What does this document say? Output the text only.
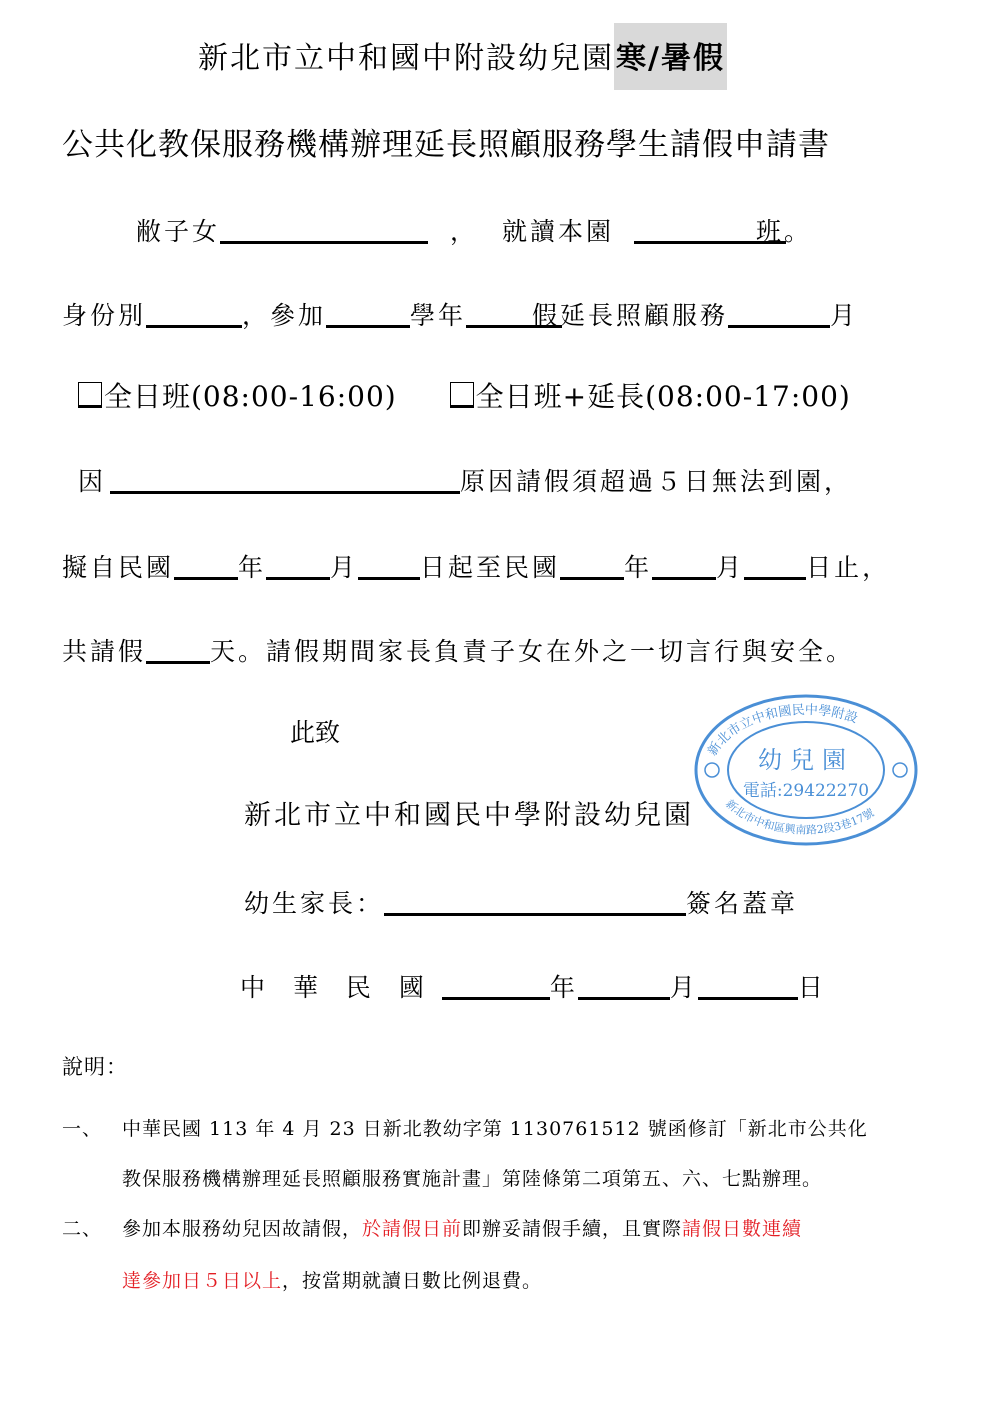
新北市立中和國中附設幼兒園寒/暑假
公共化教保服務機構辦理延長照顧服務學生請假申請書
敝子女	， 就讀本園	班。
身份別	，參加	學年	假延長照顧服務	月
全日班(08:00-16:00)	全日班+延長(08:00-17:00)
因	原因請假須超過５日無法到園，
擬自民國	年	月 日起至民國	年	月 日止，
共請假	天。請假期間家長負責子女在外之一切言行與安全。
此致
新北市立中和國民中學附設幼兒園
新北市立中和國民中學附設
新北市中和區興南路2段3巷17號
幼兒園
電話:29422270
幼生家長：	簽名蓋章
中 華 民 國	年	月	日
說明：
一、 中華民國 113 年 4 月 23 日新北教幼字第 1130761512 號函修訂「新北市公共化
教保服務機構辦理延長照顧服務實施計畫」第陸條第二項第五、六、七點辦理。
二、 參加本服務幼兒因故請假，於請假日前即辦妥請假手續，且實際請假日數連續
達參加日５日以上，按當期就讀日數比例退費。
